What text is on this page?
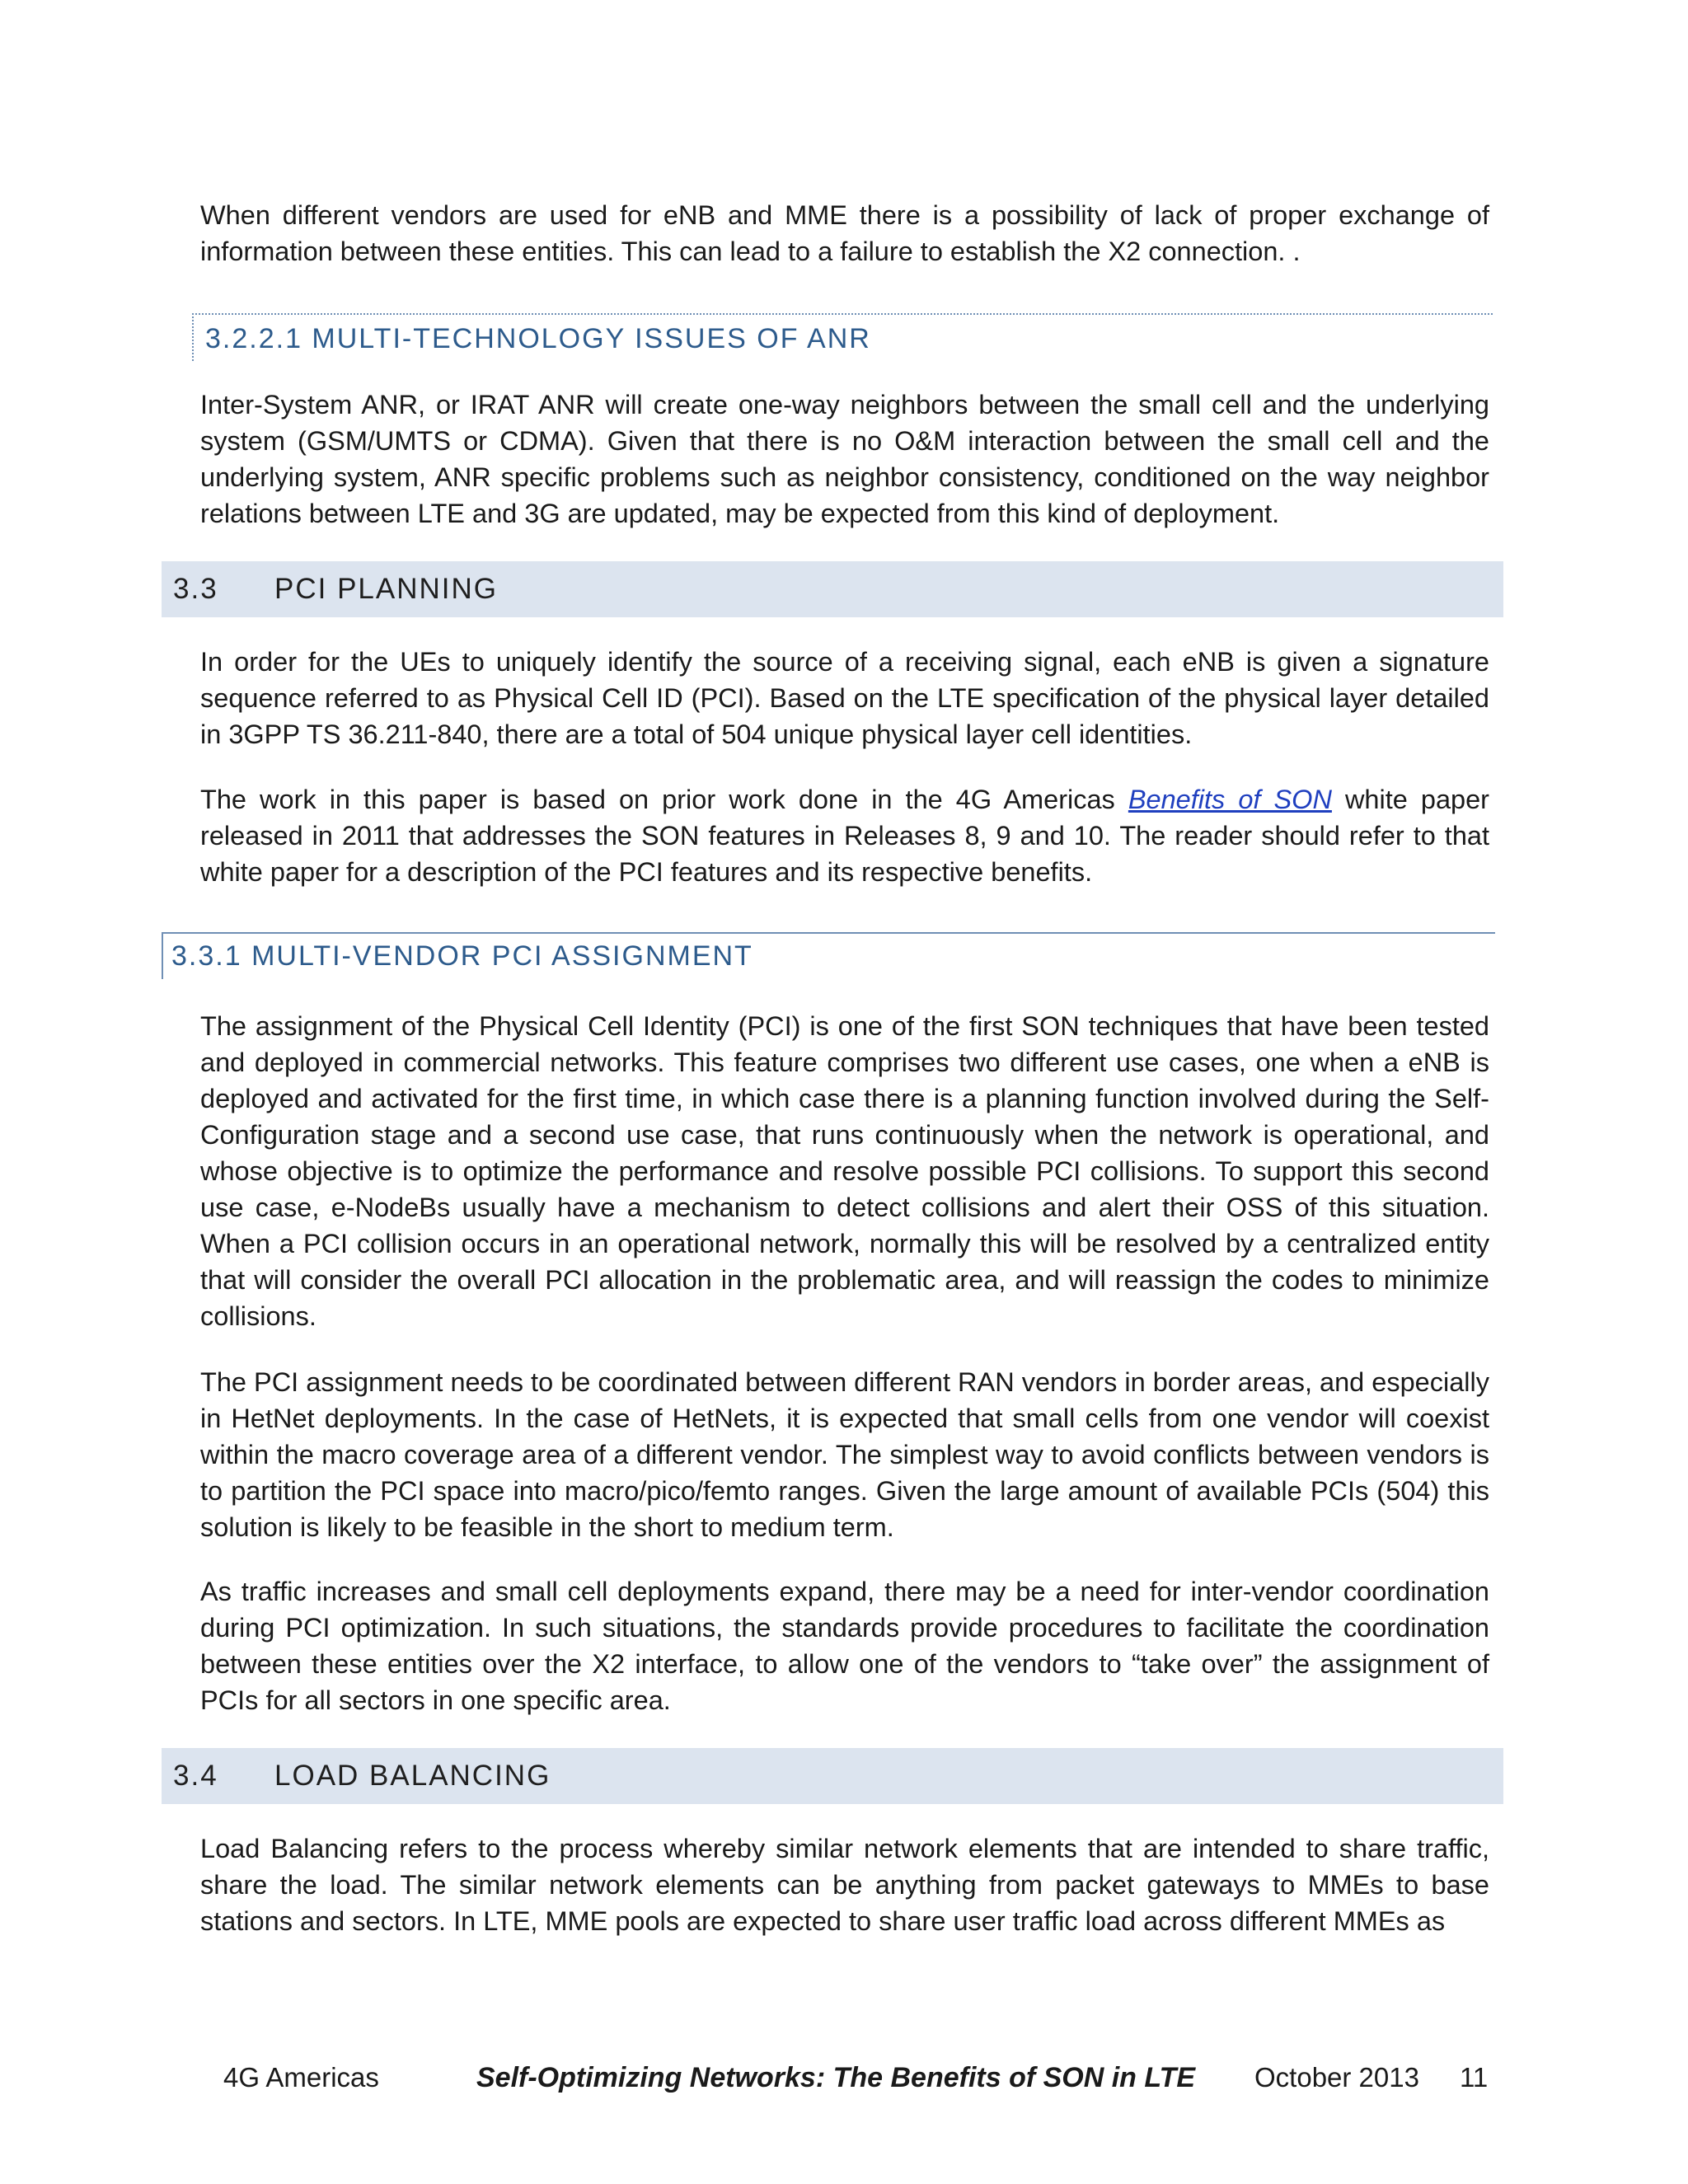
When different vendors are used for eNB and MME there is a possibility of lack of proper exchange of information between these entities. This can lead to a failure to establish the X2 connection. .

3.2.2.1 MULTI-TECHNOLOGY ISSUES OF ANR

Inter-System ANR, or IRAT ANR will create one-way neighbors between the small cell and the underlying system (GSM/UMTS or CDMA). Given that there is no O&M interaction between the small cell and the underlying system, ANR specific problems such as neighbor consistency, conditioned on the way neighbor relations between LTE and 3G are updated, may be expected from this kind of deployment.

3.3 PCI PLANNING

In order for the UEs to uniquely identify the source of a receiving signal, each eNB is given a signature sequence referred to as Physical Cell ID (PCI). Based on the LTE specification of the physical layer detailed in 3GPP TS 36.211-840, there are a total of 504 unique physical layer cell identities.

The work in this paper is based on prior work done in the 4G Americas Benefits of SON white paper released in 2011 that addresses the SON features in Releases 8, 9 and 10. The reader should refer to that white paper for a description of the PCI features and its respective benefits.

3.3.1 MULTI-VENDOR PCI ASSIGNMENT

The assignment of the Physical Cell Identity (PCI) is one of the first SON techniques that have been tested and deployed in commercial networks. This feature comprises two different use cases, one when a eNB is deployed and activated for the first time, in which case there is a planning function involved during the Self-Configuration stage and a second use case, that runs continuously when the network is operational, and whose objective is to optimize the performance and resolve possible PCI collisions. To support this second use case, e-NodeBs usually have a mechanism to detect collisions and alert their OSS of this situation. When a PCI collision occurs in an operational network, normally this will be resolved by a centralized entity that will consider the overall PCI allocation in the problematic area, and will reassign the codes to minimize collisions.

The PCI assignment needs to be coordinated between different RAN vendors in border areas, and especially in HetNet deployments. In the case of HetNets, it is expected that small cells from one vendor will coexist within the macro coverage area of a different vendor. The simplest way to avoid conflicts between vendors is to partition the PCI space into macro/pico/femto ranges. Given the large amount of available PCIs (504) this solution is likely to be feasible in the short to medium term.

As traffic increases and small cell deployments expand, there may be a need for inter-vendor coordination during PCI optimization. In such situations, the standards provide procedures to facilitate the coordination between these entities over the X2 interface, to allow one of the vendors to “take over” the assignment of PCIs for all sectors in one specific area.

3.4 LOAD BALANCING

Load Balancing refers to the process whereby similar network elements that are intended to share traffic, share the load. The similar network elements can be anything from packet gateways to MMEs to base stations and sectors. In LTE, MME pools are expected to share user traffic load across different MMEs as

4G Americas	Self-Optimizing Networks: The Benefits of SON in LTE October 2013 11
